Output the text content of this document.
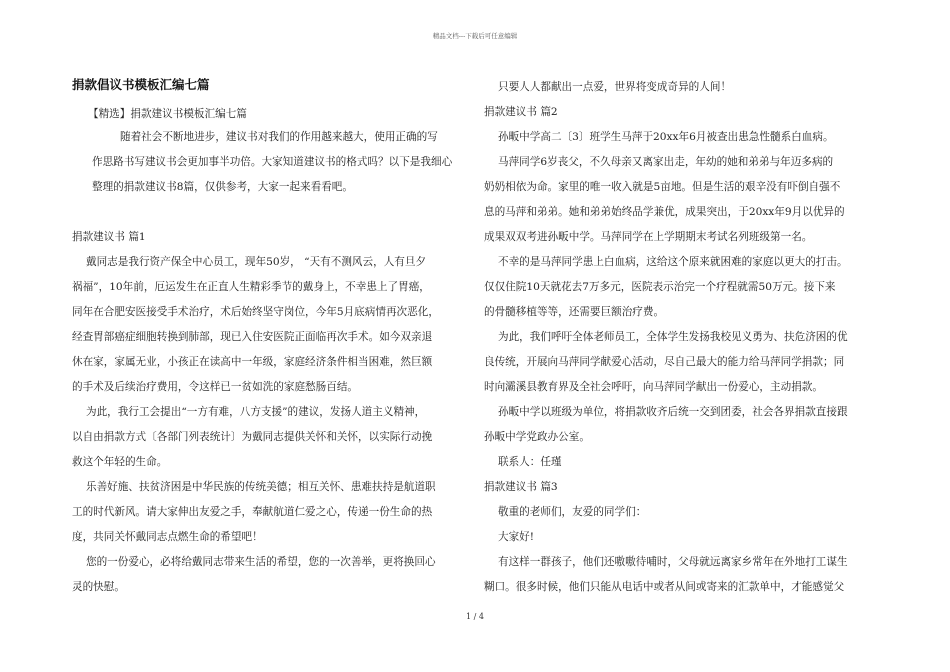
精品文档---下载后可任意编辑
捐款倡议书模板汇编七篇
【精选】捐款建议书模板汇编七篇
随着社会不断地进步，建议书对我们的作用越来越大，使用正确的写
作思路书写建议书会更加事半功倍。大家知道建议书的格式吗？以下是我细心
整理的捐款建议书8篇，仅供参考，大家一起来看看吧。
捐款建议书 篇1
戴同志是我行资产保全中心员工，现年50岁， “天有不测风云，人有旦夕
祸福”，10年前，厄运发生在正直人生精彩季节的戴身上，不幸患上了胃癌，
同年在合肥安医接受手术治疗，术后始终坚守岗位，今年5月底病情再次恶化，
经查胃部癌症细胞转换到肺部，现已入住安医院正面临再次手术。如今双亲退
休在家，家属无业，小孩正在读高中一年级，家庭经济条件相当困难，然巨额
的手术及后续治疗费用，令这样已一贫如洗的家庭愁肠百结。
为此，我行工会提出“一方有难，八方支援”的建议，发扬人道主义精神，
以自由捐款方式〔各部门列表统计〕为戴同志提供关怀和关怀，以实际行动挽
救这个年轻的生命。
乐善好施、扶贫济困是中华民族的传统美德；相互关怀、患难扶持是航道职
工的时代新风。请大家伸出友爱之手，奉献航道仁爱之心，传递一份生命的热
度，共同关怀戴同志点燃生命的希望吧！
您的一份爱心，必将给戴同志带来生活的希望，您的一次善举，更将换回心
灵的快慰。
只要人人都献出一点爱，世界将变成奇异的人间！
捐款建议书 篇2
孙畈中学高二〔3〕班学生马萍于20xx年6月被查出患急性髓系白血病。
马萍同学6岁丧父，不久母亲又离家出走，年幼的她和弟弟与年迈多病的
奶奶相依为命。家里的唯一收入就是5亩地。但是生活的艰辛没有吓倒自强不
息的马萍和弟弟。她和弟弟始终品学兼优，成果突出，于20xx年9月以优异的
成果双双考进孙畈中学。马萍同学在上学期期末考试名列班级第一名。
不幸的是马萍同学患上白血病，这给这个原来就困难的家庭以更大的打击。
仅仅住院10天就花去7万多元，医院表示治完一个疗程就需50万元。接下来
的骨髓移植等等，还需要巨额治疗费。
为此，我们呼吁全体老师员工，全体学生发扬我校见义勇为、扶危济困的优
良传统，开展向马萍同学献爱心活动，尽自己最大的能力给马萍同学捐款；同
时向灞溪县教育界及全社会呼吁，向马萍同学献出一份爱心，主动捐款。
孙畈中学以班级为单位，将捐款收齐后统一交到团委，社会各界捐款直接跟
孙畈中学党政办公室。
联系人：任瑾
捐款建议书 篇3
敬重的老师们，友爱的同学们：
大家好!
有这样一群孩子，他们还嗷嗷待哺时，父母就远离家乡常年在外地打工谋生
糊口。很多时候，他们只能从电话中或者从间或寄来的汇款单中，才能感觉父
1 / 4
